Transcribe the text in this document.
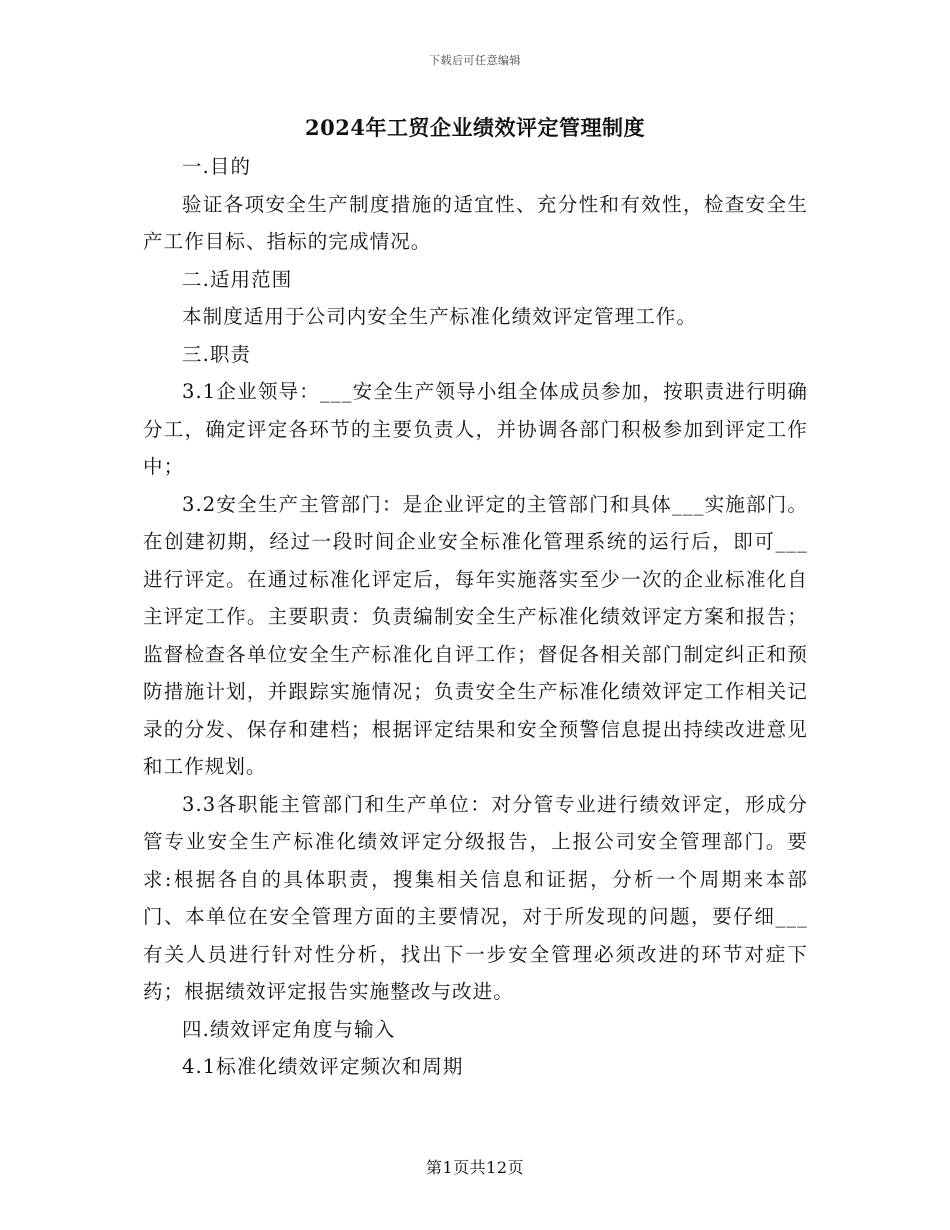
下载后可任意编辑
2024年工贸企业绩效评定管理制度

一.目的

验证各项安全生产制度措施的适宜性、充分性和有效性，检查安全生产工作目标、指标的完成情况。

二.适用范围

本制度适用于公司内安全生产标准化绩效评定管理工作。

三.职责

3.1企业领导：___安全生产领导小组全体成员参加，按职责进行明确分工，确定评定各环节的主要负责人，并协调各部门积极参加到评定工作中；

3.2安全生产主管部门：是企业评定的主管部门和具体___实施部门。在创建初期，经过一段时间企业安全标准化管理系统的运行后，即可___进行评定。在通过标准化评定后，每年实施落实至少一次的企业标准化自主评定工作。主要职责：负责编制安全生产标准化绩效评定方案和报告；监督检查各单位安全生产标准化自评工作；督促各相关部门制定纠正和预防措施计划，并跟踪实施情况；负责安全生产标准化绩效评定工作相关记录的分发、保存和建档；根据评定结果和安全预警信息提出持续改进意见和工作规划。

3.3各职能主管部门和生产单位：对分管专业进行绩效评定，形成分管专业安全生产标准化绩效评定分级报告，上报公司安全管理部门。要求:根据各自的具体职责，搜集相关信息和证据，分析一个周期来本部门、本单位在安全管理方面的主要情况，对于所发现的问题，要仔细___有关人员进行针对性分析，找出下一步安全管理必须改进的环节对症下药；根据绩效评定报告实施整改与改进。

四.绩效评定角度与输入

4.1标准化绩效评定频次和周期

第1页共12页
